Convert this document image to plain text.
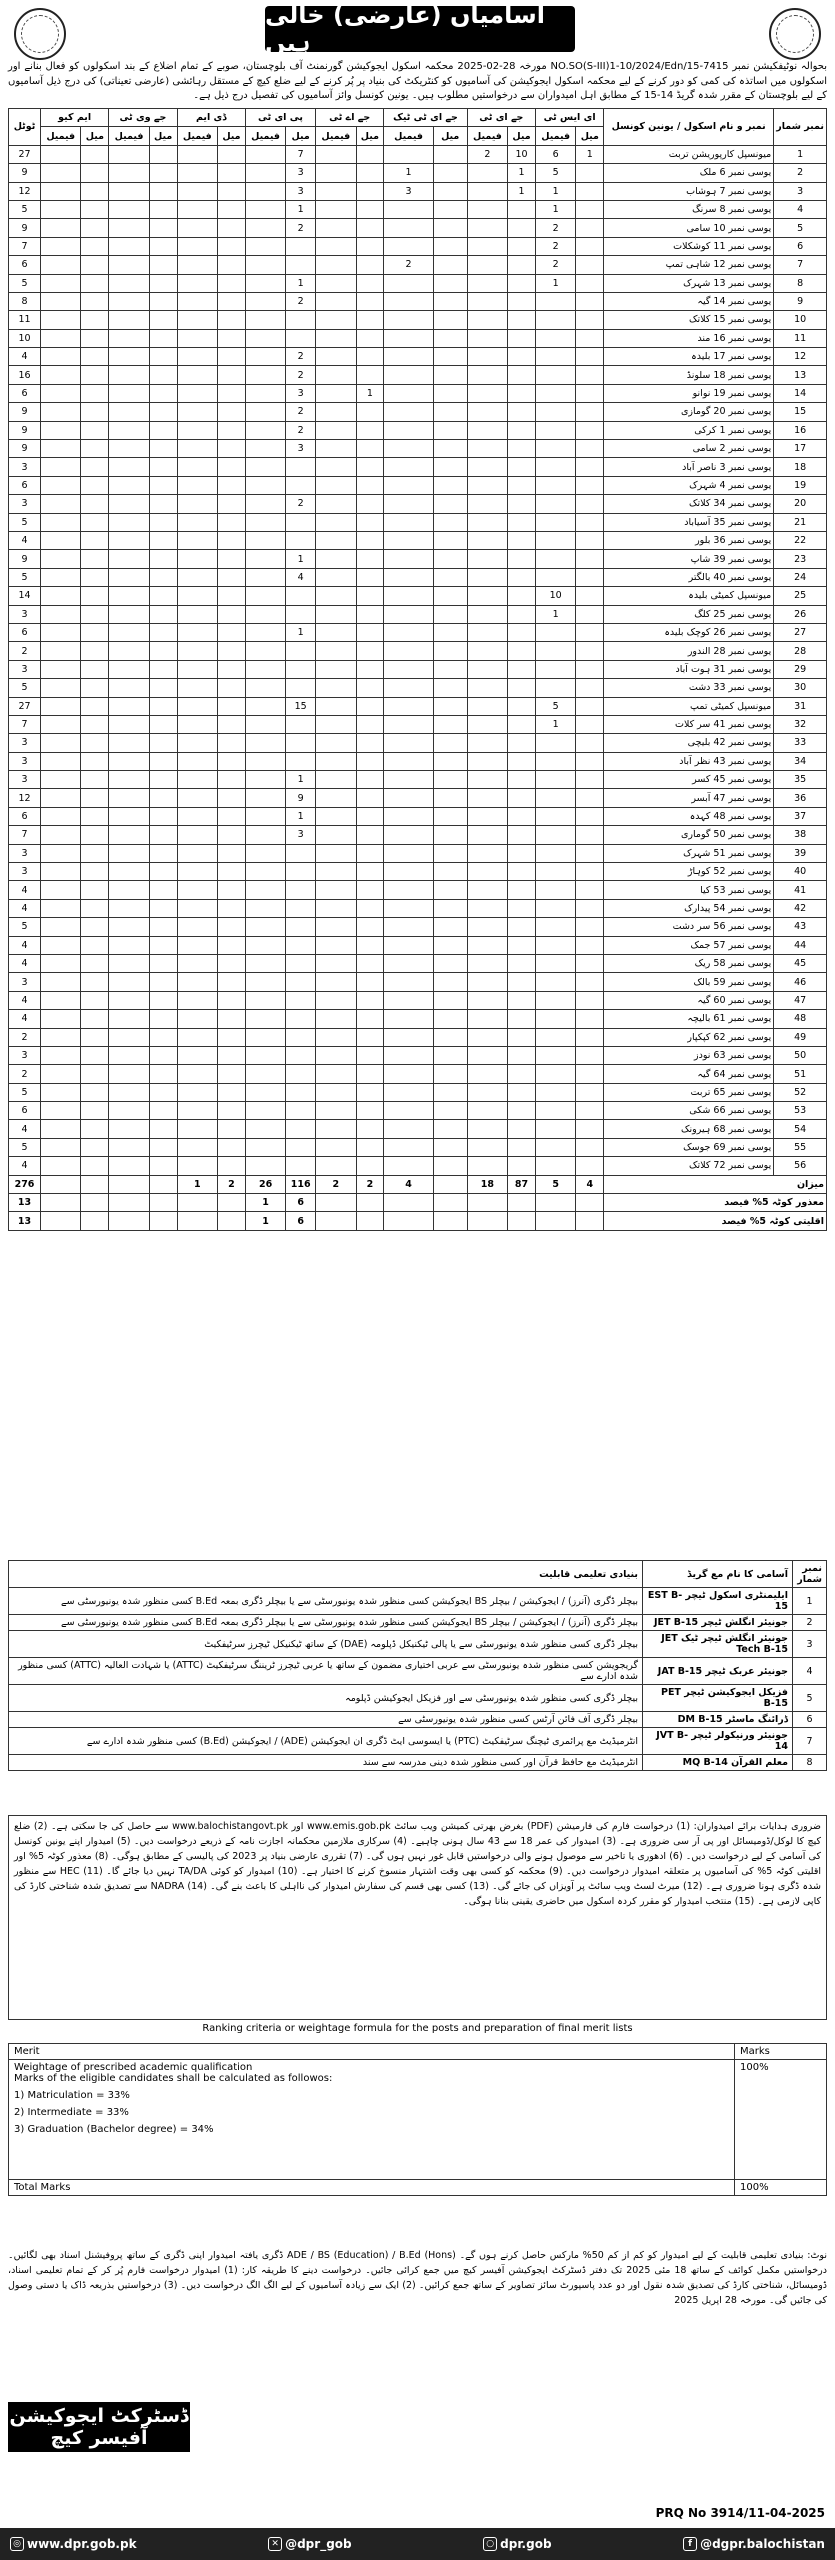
آسامیاں (عارضی) خالی ہیں
بحوالہ نوٹیفکیشن نمبر 7415-15/NO.SO(S-III)1-10/2024/Edn مورخہ 28-02-2025 محکمہ اسکول ایجوکیشن گورنمنٹ آف بلوچستان، صوبے کے تمام اضلاع کے بند اسکولوں کو فعال بنانے اور اسکولوں میں اساتذہ کی کمی کو دور کرنے کے لیے محکمہ اسکول ایجوکیشن کی آسامیوں کو کنٹریکٹ کی بنیاد پر پُر کرنے کے لیے ضلع کیچ کے مستقل رہائشی (عارضی تعیناتی) کی درج ذیل آسامیوں کے لیے بلوچستان کے مقرر شدہ گریڈ 14-15 کے مطابق اہل امیدواران سے درخواستیں مطلوب ہیں۔ یونین کونسل وائز آسامیوں کی تفصیل درج ذیل ہے۔
نمبر شمار	نمبر و نام اسکول / یونین کونسل	ای ایس ٹی		جے ای ٹی		جے ای ٹی ٹیک		جے اے ٹی		پی ای ٹی		ڈی ایم		جے وی ٹی		ایم کیو		ٹوٹل
		میل	فیمیل	میل	فیمیل	میل	فیمیل	میل	فیمیل	میل	فیمیل	میل	فیمیل	میل	فیمیل	میل	فیمیل	
1	میونسپل کارپوریشن تربت	1	6	10	2					7								27
2	یوسی نمبر 6 ملک		5	1			1			3								9
3	یوسی نمبر 7 ہوشاب		1	1			3			3								12
4	یوسی نمبر 8 سرنگ		1							1								5
5	یوسی نمبر 10 سامی		2							2								9
6	یوسی نمبر 11 کوشکلات		2															7
7	یوسی نمبر 12 شاہی تمپ		2				2											6
8	یوسی نمبر 13 شہرک		1							1								5
9	یوسی نمبر 14 گیہ									2								8
10	یوسی نمبر 15 کلاتک																	11
11	یوسی نمبر 16 مند																	10
12	یوسی نمبر 17 بلیدہ									2								4
13	یوسی نمبر 18 سلونڈ									2								16
14	یوسی نمبر 19 نوانو							1		3								6
15	یوسی نمبر 20 گومازی									2								9
16	یوسی نمبر 1 کرکی									2								9
17	یوسی نمبر 2 سامی									3								9
18	یوسی نمبر 3 ناصر آباد																	3
19	یوسی نمبر 4 شہرک																	6
20	یوسی نمبر 34 کلاتک									2								3
21	یوسی نمبر 35 آسیاباد																	5
22	یوسی نمبر 36 بلور																	4
23	یوسی نمبر 39 شاپ									1								9
24	یوسی نمبر 40 بالگتر									4								5
25	میونسپل کمیٹی بلیدہ		10															14
26	یوسی نمبر 25 کلگ		1															3
27	یوسی نمبر 26 کوچک بلیدہ									1								6
28	یوسی نمبر 28 الندور																	2
29	یوسی نمبر 31 ہوت آباد																	3
30	یوسی نمبر 33 دشت																	5
31	میونسپل کمیٹی تمپ		5							15								27
32	یوسی نمبر 41 سر کلات		1															7
33	یوسی نمبر 42 بلیچی																	3
34	یوسی نمبر 43 نظر آباد																	3
35	یوسی نمبر 45 کسر									1								3
36	یوسی نمبر 47 آبسر									9								12
37	یوسی نمبر 48 کہدہ									1								6
38	یوسی نمبر 50 گوماری									3								7
39	یوسی نمبر 51 شہرک																	3
40	یوسی نمبر 52 کوہاڑ																	3
41	یوسی نمبر 53 کیا																	4
42	یوسی نمبر 54 پیدارک																	4
43	یوسی نمبر 56 سر دشت																	5
44	یوسی نمبر 57 جمک																	4
45	یوسی نمبر 58 ریک																	4
46	یوسی نمبر 59 بالک																	3
47	یوسی نمبر 60 گیہ																	4
48	یوسی نمبر 61 بالیچہ																	4
49	یوسی نمبر 62 کپکپار																	2
50	یوسی نمبر 63 نودز																	3
51	یوسی نمبر 64 گیہ																	2
52	یوسی نمبر 65 تربت																	5
53	یوسی نمبر 66 شکی																	6
54	یوسی نمبر 68 ہیرونک																	4
55	یوسی نمبر 69 جوسک																	5
56	یوسی نمبر 72 کلاتک																	4
میزان		4	5	87	18		4	2	2	116	26	2	1					276
معذور کوٹہ 5% فیصد										6	1							13
اقلیتی کوٹہ 5% فیصد										6	1							13
نمبر شمار	آسامی کا نام مع گریڈ	بنیادی تعلیمی قابلیت
1	ایلیمنٹری اسکول ٹیچر EST B-15	بیچلر ڈگری (آنرز) / ایجوکیشن / بیچلر BS ایجوکیشن کسی منظور شدہ یونیورسٹی سے یا بیچلر ڈگری بمعہ B.Ed کسی منظور شدہ یونیورسٹی سے
2	جونیئر انگلش ٹیچر JET B-15	بیچلر ڈگری (آنرز) / ایجوکیشن / بیچلر BS ایجوکیشن کسی منظور شدہ یونیورسٹی سے یا بیچلر ڈگری بمعہ B.Ed کسی منظور شدہ یونیورسٹی سے
3	جونیئر انگلش ٹیچر ٹیک JET Tech B-15	بیچلر ڈگری کسی منظور شدہ یونیورسٹی سے یا پالی ٹیکنیکل ڈپلومہ (DAE) کے ساتھ ٹیکنیکل ٹیچرز سرٹیفکیٹ
4	جونیئر عربک ٹیچر JAT B-15	گریجویشن کسی منظور شدہ یونیورسٹی سے عربی اختیاری مضمون کے ساتھ یا عربی ٹیچرز ٹریننگ سرٹیفکیٹ (ATTC) یا شہادت العالیہ (ATTC) کسی منظور شدہ ادارے سے
5	فزیکل ایجوکیشن ٹیچر PET B-15	بیچلر ڈگری کسی منظور شدہ یونیورسٹی سے اور فزیکل ایجوکیشن ڈپلومہ
6	ڈرائنگ ماسٹر DM B-15	بیچلر ڈگری آف فائن آرٹس کسی منظور شدہ یونیورسٹی سے
7	جونیئر ورنیکولر ٹیچر JVT B-14	انٹرمیڈیٹ مع پرائمری ٹیچنگ سرٹیفکیٹ (PTC) یا ایسوسی ایٹ ڈگری ان ایجوکیشن (ADE) / ایجوکیشن (B.Ed) کسی منظور شدہ ادارے سے
8	معلم القرآن MQ B-14	انٹرمیڈیٹ مع حافظ قرآن اور کسی منظور شدہ دینی مدرسہ سے سند
ضروری ہدایات برائے امیدواران: (1) درخواست فارم کی فارمیشن (PDF) بغرض بھرتی کمیشن ویب سائٹ www.emis.gob.pk اور www.balochistangovt.pk سے حاصل کی جا سکتی ہے۔ (2) ضلع کیچ کا لوکل/ڈومیسائل اور پی آر سی ضروری ہے۔ (3) امیدوار کی عمر 18 سے 43 سال ہونی چاہیے۔ (4) سرکاری ملازمین محکمانہ اجازت نامہ کے ذریعے درخواست دیں۔ (5) امیدوار اپنے یونین کونسل کی آسامی کے لیے درخواست دیں۔ (6) ادھوری یا تاخیر سے موصول ہونے والی درخواستیں قابل غور نہیں ہوں گی۔ (7) تقرری عارضی بنیاد پر 2023 کی پالیسی کے مطابق ہوگی۔ (8) معذور کوٹہ 5% اور اقلیتی کوٹہ 5% کی آسامیوں پر متعلقہ امیدوار درخواست دیں۔ (9) محکمہ کو کسی بھی وقت اشتہار منسوخ کرنے کا اختیار ہے۔ (10) امیدوار کو کوئی TA/DA نہیں دیا جائے گا۔ (11) HEC سے منظور شدہ ڈگری ہونا ضروری ہے۔ (12) میرٹ لسٹ ویب سائٹ پر آویزاں کی جائے گی۔ (13) کسی بھی قسم کی سفارش امیدوار کی نااہلی کا باعث بنے گی۔ (14) NADRA سے تصدیق شدہ شناختی کارڈ کی کاپی لازمی ہے۔ (15) منتخب امیدوار کو مقرر کردہ اسکول میں حاضری یقینی بنانا ہوگی۔
Ranking criteria or weightage formula for the posts and preparation of final merit lists
Merit	Marks

Weightage of prescribed academic qualification
Marks of the eligible candidates shall be calculated as followos:
1) Matriculation = 33%
2) Intermediate = 33%
3) Graduation (Bachelor degree) = 34%	100%
Total Marks	100%
نوٹ: بنیادی تعلیمی قابلیت کے لیے امیدوار کو کم از کم 50% مارکس حاصل کرنے ہوں گے۔ ADE / BS (Education) / B.Ed (Hons) ڈگری یافتہ امیدوار اپنی ڈگری کے ساتھ پروفیشنل اسناد بھی لگائیں۔ درخواستیں مکمل کوائف کے ساتھ 18 مئی 2025 تک دفتر ڈسٹرکٹ ایجوکیشن آفیسر کیچ میں جمع کرائی جائیں۔ درخواست دینے کا طریقہ کار: (1) امیدوار درخواست فارم پُر کر کے تمام تعلیمی اسناد، ڈومیسائل، شناختی کارڈ کی تصدیق شدہ نقول اور دو عدد پاسپورٹ سائز تصاویر کے ساتھ جمع کرائیں۔ (2) ایک سے زیادہ آسامیوں کے لیے الگ الگ درخواست دیں۔ (3) درخواستیں بذریعہ ڈاک یا دستی وصول کی جائیں گی۔ مورخہ 28 اپریل 2025
PRQ No 3914/11-04-2025
ڈسٹرکٹ ایجوکیشن آفیسر کیچ
◎ www.dpr.gob.pk	✕ @dpr_gob	○ dpr.gob	f @dgpr.balochistan
